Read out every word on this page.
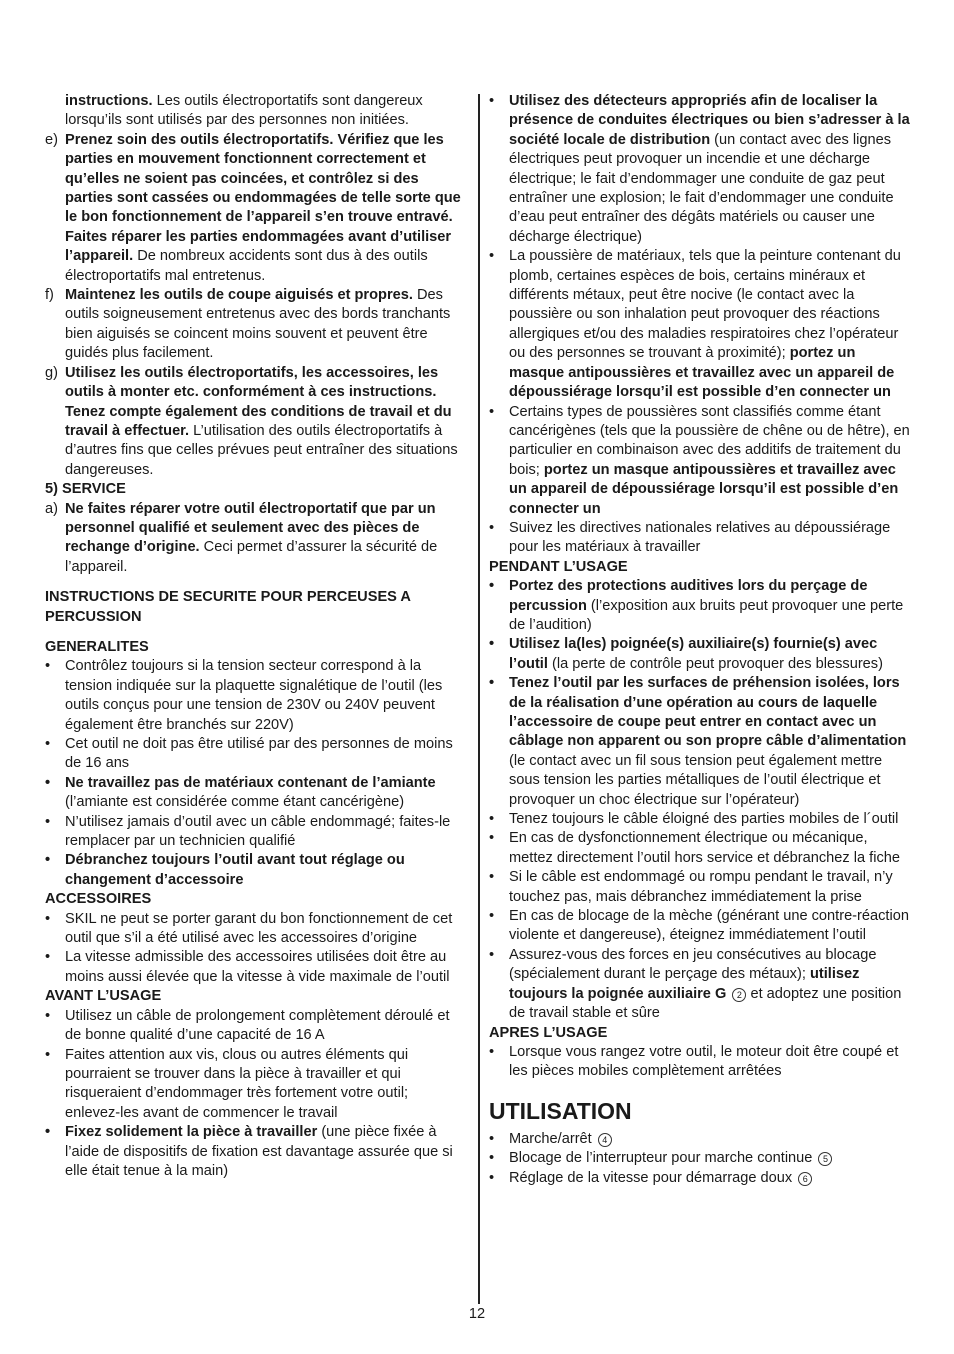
instructions. Les outils électroportatifs sont dangereux lorsqu’ils sont utilisés par des personnes non initiées.
e) Prenez soin des outils électroportatifs. Vérifiez que les parties en mouvement fonctionnent correctement et qu’elles ne soient pas coincées, et contrôlez si des parties sont cassées ou endommagées de telle sorte que le bon fonctionnement de l’appareil s’en trouve entravé. Faites réparer les parties endommagées avant d’utiliser l’appareil. De nombreux accidents sont dus à des outils électroportatifs mal entretenus.
f) Maintenez les outils de coupe aiguisés et propres. Des outils soigneusement entretenus avec des bords tranchants bien aiguisés se coincent moins souvent et peuvent être guidés plus facilement.
g) Utilisez les outils électroportatifs, les accessoires, les outils à monter etc. conformément à ces instructions. Tenez compte également des conditions de travail et du travail à effectuer. L’utilisation des outils électroportatifs à d’autres fins que celles prévues peut entraîner des situations dangereuses.
5) SERVICE
a) Ne faites réparer votre outil électroportatif que par un personnel qualifié et seulement avec des pièces de rechange d’origine. Ceci permet d’assurer la sécurité de l’appareil.
INSTRUCTIONS DE SECURITE POUR PERCEUSES A PERCUSSION
GENERALITES
• Contrôlez toujours si la tension secteur correspond à la tension indiquée sur la plaquette signalétique de l’outil (les outils conçus pour une tension de 230V ou 240V peuvent également être branchés sur 220V)
• Cet outil ne doit pas être utilisé par des personnes de moins de 16 ans
• Ne travaillez pas de matériaux contenant de l’amiante (l’amiante est considérée comme étant cancérigène)
• N’utilisez jamais d’outil avec un câble endommagé; faites-le remplacer par un technicien qualifié
• Débranchez toujours l’outil avant tout réglage ou changement d’accessoire
ACCESSOIRES
• SKIL ne peut se porter garant du bon fonctionnement de cet outil que s’il a été utilisé avec les accessoires d’origine
• La vitesse admissible des accessoires utilisées doit être au moins aussi élevée que la vitesse à vide maximale de l’outil
AVANT L’USAGE
• Utilisez un câble de prolongement complètement déroulé et de bonne qualité d’une capacité de 16 A
• Faites attention aux vis, clous ou autres éléments qui pourraient se trouver dans la pièce à travailler et qui risqueraient d’endommager très fortement votre outil; enlevez-les avant de commencer le travail
• Fixez solidement la pièce à travailler (une pièce fixée à l’aide de dispositifs de fixation est davantage assurée que si elle était tenue à la main)
• Utilisez des détecteurs appropriés afin de localiser la présence de conduites électriques ou bien s’adresser à la société locale de distribution (un contact avec des lignes électriques peut provoquer un incendie et une décharge électrique; le fait d’endommager une conduite de gaz peut entraîner une explosion; le fait d’endommager une conduite d’eau peut entraîner des dégâts matériels ou causer une décharge électrique)
• La poussière de matériaux, tels que la peinture contenant du plomb, certaines espèces de bois, certains minéraux et différents métaux, peut être nocive (le contact avec la poussière ou son inhalation peut provoquer des réactions allergiques et/ou des maladies respiratoires chez l’opérateur ou des personnes se trouvant à proximité); portez un masque antipoussières et travaillez avec un appareil de dépoussiérage lorsqu’il est possible d’en connecter un
• Certains types de poussières sont classifiés comme étant cancérigènes (tels que la poussière de chêne ou de hêtre), en particulier en combinaison avec des additifs de traitement du bois; portez un masque antipoussières et travaillez avec un appareil de dépoussiérage lorsqu’il est possible d’en connecter un
• Suivez les directives nationales relatives au dépoussiérage pour les matériaux à travailler
PENDANT L’USAGE
• Portez des protections auditives lors du perçage de percussion (l’exposition aux bruits peut provoquer une perte de l’audition)
• Utilisez la(les) poignée(s) auxiliaire(s) fournie(s) avec l’outil (la perte de contrôle peut provoquer des blessures)
• Tenez l’outil par les surfaces de préhension isolées, lors de la réalisation d’une opération au cours de laquelle l’accessoire de coupe peut entrer en contact avec un câblage non apparent ou son propre câble d’alimentation (le contact avec un fil sous tension peut également mettre sous tension les parties métalliques de l’outil électrique et provoquer un choc électrique sur l’opérateur)
• Tenez toujours le câble éloigné des parties mobiles de l´outil
• En cas de dysfonctionnement électrique ou mécanique, mettez directement l’outil hors service et débranchez la fiche
• Si le câble est endommagé ou rompu pendant le travail, n’y touchez pas, mais débranchez immédiatement la prise
• En cas de blocage de la mèche (générant une contre-réaction violente et dangereuse), éteignez immédiatement l’outil
• Assurez-vous des forces en jeu consécutives au blocage (spécialement durant le perçage des métaux); utilisez toujours la poignée auxiliaire G 2 et adoptez une position de travail stable et sûre
APRES L’USAGE
• Lorsque vous rangez votre outil, le moteur doit être coupé et les pièces mobiles complètement arrêtées
UTILISATION
• Marche/arrêt 4
• Blocage de l’interrupteur pour marche continue 5
• Réglage de la vitesse pour démarrage doux 6
12
